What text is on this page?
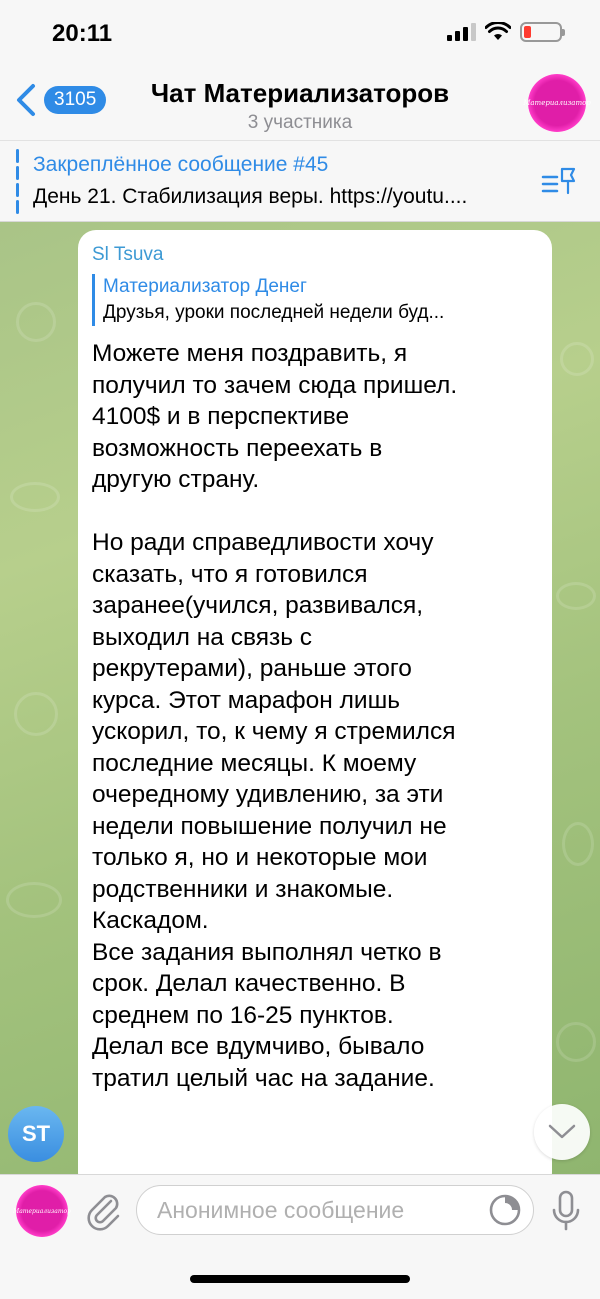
20:11
3105	Чат Материализаторов
3 участника
Материализатор
Закреплённое сообщение #45
День 21. Стабилизация веры. https://youtu....
Sl Tsuva
Материализатор Денег
Друзья, уроки последней недели буд...
Можете меня поздравить, я
получил то зачем сюда пришел.
4100$ и в перспективе
возможность переехать в
другую страну.

Но ради справедливости хочу
сказать, что я готовился
заранее(учился, развивался,
выходил на связь с
рекрутерами), раньше этого
курса. Этот марафон лишь
ускорил, то, к чему я стремился
последние месяцы. К моему
очередному удивлению, за эти
недели повышение получил не
только я, но и некоторые мои
родственники и знакомые.
Каскадом.
Все задания выполнял четко в
срок. Делал качественно. В
среднем по 16-25 пунктов.
Делал все вдумчиво, бывало
тратил целый час на задание.
ST
Материализатор
Анонимное сообщение
